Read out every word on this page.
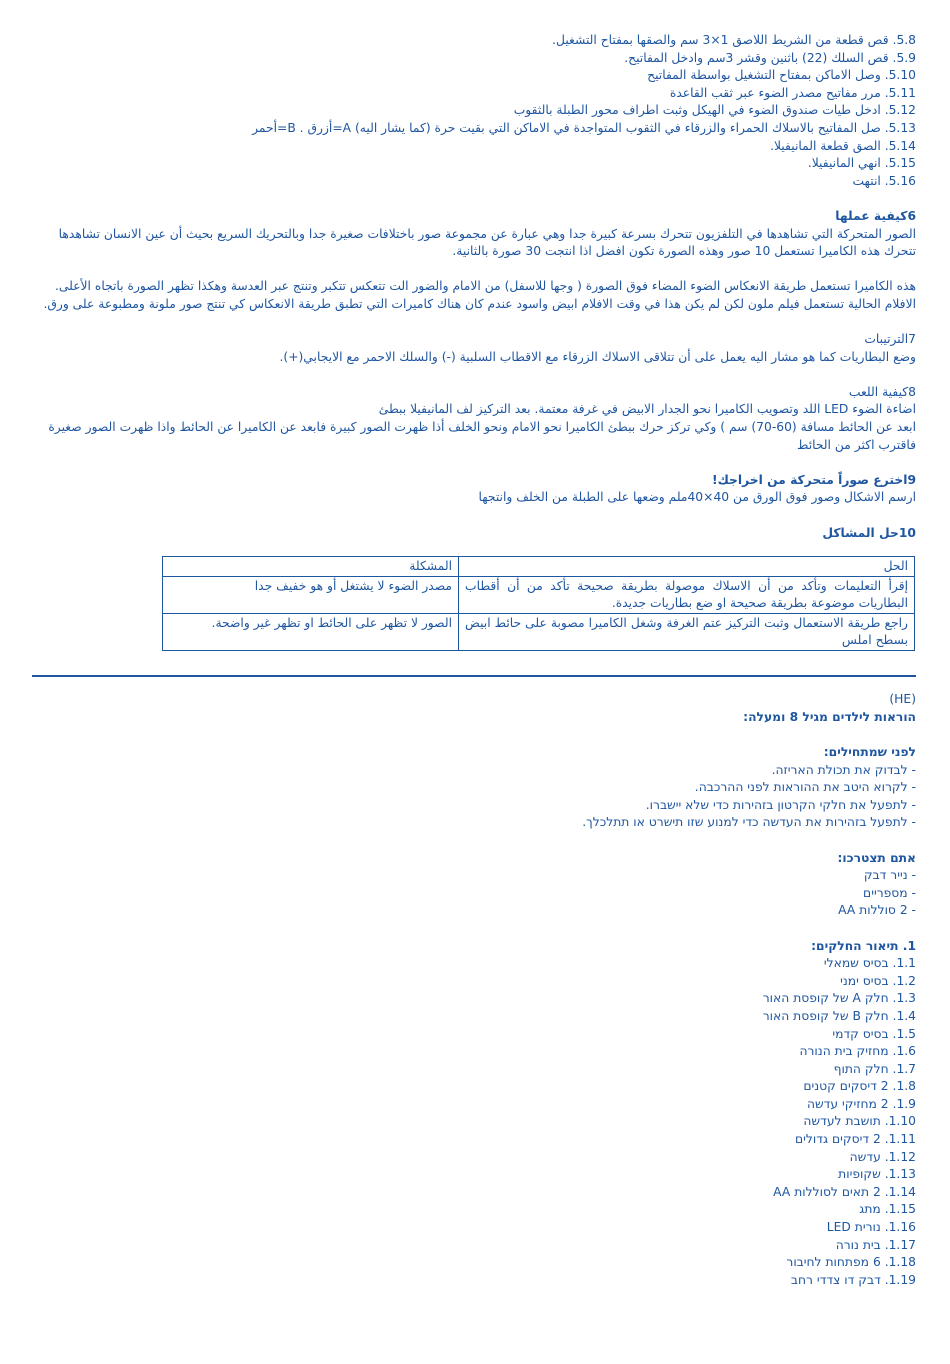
5.8. قص قطعة من الشريط اللاصق 1×3 سم والصقها بمفتاح التشغيل.
5.9. قص السلك (22) باثنين وقشر 3سم وادخل المفاتيح.
5.10. وصل الاماكن بمفتاح التشغيل بواسطة المفاتيح
5.11. مرر مفاتيح مصدر الضوء عبر ثقب القاعدة
5.12. ادخل طيات صندوق الضوء في الهيكل وثبت اطراف محور الطبلة بالثقوب
5.13. صل المفاتيح بالاسلاك الحمراء والزرقاء في الثقوب المتواجدة في الاماكن التي بقيت حرة (كما يشار اليه) A=أزرق . B=أحمر
5.14. الصق قطعة المانيفيلا.
5.15. انهي المانيفيلا.
5.16. انتهت
6كيفية عملها
الصور المتحركة التي تشاهدها في التلفزيون تتحرك بسرعة كبيرة جدا وهي عبارة عن مجموعة صور باختلافات صغيرة جدا وبالتحريك السريع بحيث أن عين الانسان تشاهدها تتحرك هذه الكاميرا تستعمل 10 صور وهذه الصورة تكون افضل اذا انتجت 30 صورة بالثانية.
هذه الكاميرا تستعمل طريقة الانعكاس الضوء المضاء فوق الصورة ( وجها للاسفل) من الامام والضور الت تتعكس تتكبر وتنتج عبر العدسة وهكذا تظهر الصورة باتجاه الأعلى.
الافلام الحالية تستعمل فيلم ملون لكن لم يكن هذا في وقت الافلام ابيض واسود عندم كان هناك كاميرات التي تطبق طريقة الانعكاس كي تنتج صور ملونة ومطبوعة على ورق.
7الترتيبات
وضع البطاريات كما هو مشار اليه يعمل على أن تتلاقى الاسلاك الزرقاء مع الاقطاب السلبية (-) والسلك الاحمر مع الايجابي(+).
8كيفية اللعب
اضاءة الضوء LED اللد وتصويب الكاميرا نحو الجدار الابيض في غرفة معتمة. بعد التركيز لف المانيفيلا ببطئ
ابعد عن الحائط مسافة (60-70) سم ) وكي تركز حرك ببطئ الكاميرا نحو الامام ونحو الخلف أذا ظهرت الصور كبيرة فابعد عن الكاميرا عن الحائط واذا ظهرت الصور صغيرة فاقترب اكثر من الحائط
9اخترع صوراً متحركة من اخراجك!
ارسم الاشكال وصور فوق الورق من 40×40ملم وضعها على الطبلة من الخلف وانتجها
10حل المشاكل
الحل	المشكلة
إقرأ التعليمات وتأكد من أن الاسلاك موصولة بطريقة صحيحة تأكد من أن أقطاب البطاريات موضوعة بطريقة صحيحة او ضع بطاريات جديدة.	مصدر الضوء لا يشتغل أو هو خفيف جدا
راجع طريقة الاستعمال وثبت التركيز عتم الغرفة وشغل الكاميرا مصوبة على حائط ابيض بسطح املس	الصور لا تظهر على الحائط او تظهر غير واضحة.
(HE)
הוראות לילדים מגיל 8 ומעלה:
לפני שמתחילים:
- לבדוק את תכולת האריזה.
- לקרוא היטב את ההוראות לפני ההרכבה.
- לתפעל את חלקי הקרטון בזהירות כדי שלא יישברו.
- לתפעל בזהירות את העדשה כדי למנוע שזו תישרט או תתלכלך.
אתם תצטרכו:
- נייר דבק
- מספריים
- 2 סוללות AA
1. תיאור החלקים:
1.1. בסיס שמאלי
1.2. בסיס ימני
1.3. חלק A של קופסת האור
1.4. חלק B של קופסת האור
1.5. בסיס קדמי
1.6. מחזיק בית הנורה
1.7. חלק התוף
1.8. 2 דיסקים קטנים
1.9. 2 מחזיקי עדשה
1.10. תושבת לעדשה
1.11. 2 דיסקים גדולים
1.12. עדשה
1.13. שקופיות
1.14. 2 תאים לסוללות AA
1.15. מתג
1.16. נורית LED
1.17. בית נורה
1.18. 6 מפתחות לחיבור
1.19. דבק דו צדדי רחב
